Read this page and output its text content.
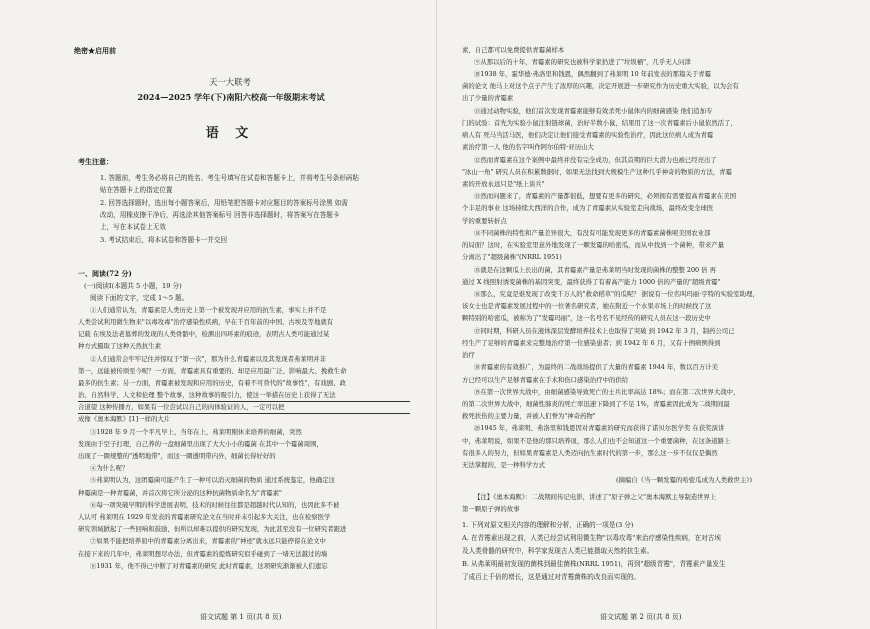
绝密★启用前
天一大联考
2024—2025 学年(下)南阳六校高一年级期末考试
语 文
考生注意：
1. 答题前，考生务必将自己的姓名、考生号填写在试卷和答题卡上，并将考生号条形码粘
贴在答题卡上的指定位置
2. 回答选择题时，选出每小题答案后，用铅笔把答题卡对应题目的答案标号涂黑 如需
改动，用橡皮擦干净后，再选涂其他答案标号 回答非选择题时，将答案写在答题卡
上，写在本试卷上无效
3. 考试结束后，将本试卷和答题卡一并交回
一、阅读(72 分)
(一)阅读Ⅰ(本题共 5 小题，19 分)
阅读下面的文字，完成 1～5 题。
①人们通常认为，青霉素是人类历史上第一个被发现并应用的抗生素，事实上并不是
人类尝试利用微生物来"以毒攻毒"治疗感染性疾病，早在千百年前的中国、古埃及等地就有
记载 在埃及法老墓葬的发现的人类骨骼中，检测出四环素的痕迹，表明古人类可能通过某
种方式摄取了这种天然抗生素
②人们通常会牢牢记住并惊叹于"第一次"，那为什么青霉素以及其发现者弗莱明并非
第一，远能被传颂至今呢？一方面，青霉素具有重要的、却是应用最广泛、影响最大、挽救生命
最多的抗生素；另一方面，青霉素被发现和应用的历史，有着不可替代的"故事性"，有戏剧、政
治、自然科学、人文和伦理 整个故事，这种故事的吸引力，使这一举措在历史上获得了无法
合道望 这种传播方，如果有一位尝试以自己的肉体验证的人，一定可以把
成像《奥本海默》[1]一样的大片
③1928 年 9 月一个平凡早上，当年在上，弗莱明刚休来培养的细菌，突然
发现由于空子打理，自己养的一盘细菌里出现了大大小小的霉菌 在其中一个霉菌周围，
出现了一圈规整的"透明地带"，而这一圈透明带内外，细菌长得好好的
④为什么呢？
⑤弗莱明认为，这团霉菌可能产生了一种可以消灭细菌的物质 通过系统鉴定，他确定这
种霉菌是一种青霉菌，并首次将它所分泌的这种抗菌物质命名为"青霉素"
⑥每一项突破早期的科学进展表明，技术的时候往往都是超越时代认知的，也因此多不被
人认可 弗莱明在 1929 年发表的青霉素研究论文在当时并未引起多大关注，也在检察医学
研究领域掀起了一些回响和鼓励，但所以却难以提供的研究发现，为此甚至没有一位研究者跟进
⑦如果不能把培养皿中的青霉素分离出来，青霉素的"神迹"就永远只能停留在论文中
在接下来的几年中，弗莱明想尽办法，但青霉素的提炼研究似乎碰到了一堵无法越过的墙
⑧1931 年，他不得已中断了对青霉素的研究 此时青霉素，这项研究渐渐被人们遗忘
语文试题 第 1 页(共 8 页)
素，自己都可以免费提供青霉菌样本
⑨从那以后的十年，青霉素的研究也被科学家扔进了"垃圾桶"，几乎无人问津
⑩1938 年，霍华德·弗洛里和钱恩，偶然翻到了弗莱明 10 年前发表的那篇关于青霉
菌的论文 他马上对这个点子产生了浓厚的兴趣，决定开展进一步研究作为历史重大实验，以为会有
出了少量的青霉素
⑪通过动物实验，他们首次发现青霉素能够有效杀死小鼠体内的细菌感染 他们追加专
门的试验：首先为实验小鼠注射链球菌，治好半数小鼠，结果用了这一次青霉素后小鼠依然活了，
病人有 死马当活马医，他们决定让他们接受青霉素的实验性治疗，因此这位病人成为青霉
素治疗第一人 他的名字叫作阿尔伯特·亚历山大
⑫然而青霉素在这个案例中最终并没有完全成功，但其首期的巨大潜力也被已经亮出了
"冰山一角" 研究人员在积累数据时，如果无法找到大规模生产这种几乎神奇的物质的方法，青霉
素的开放永远只是"纸上谈兵"
⑬然而问题来了，青霉素的产量都很低，想要有更多的研究，必须拥有需要提高青霉素在美国
个丰足的事业 这场持续大西洋的合作，成为了青霉素从实验室走向战场，最终改变全球医
学的重要转折点
⑭不同菌株的特性和产量差异很大，有没有可能发现更多的青霉素菌株呢美国农业部
的局面？这时，在实验室里意外地发现了一颗发霉的哈密瓜，而从中找到一个菌种，带来产量
分离出了"超级菌株"(NRRL 1951)
⑮就是在这颗瓜上长出的菌，其青霉素产量是弗莱明当时发现的菌株的整整 200 倍 再
通过 X 线照射诱变菌株的基因突变，最终获得了有着高产能力 1000 倍的产量的"超级青霉"
⑯那么，究竟是谁发现了改变千万人的"救命稻草"的瓜呢？ 据说有一位名叫玛丽·亨特的实验室助理，
该女士也是青霉素发展过程中的一位著名研究者，她在附近一个水果市场上的时候找了这
颗特别的哈密瓜，被称为了"发霉玛丽"，这一名号名不见经传的研究人员在这一段历史中
⑰同时期，科研人员在液体深层发酵培养技术上也取得了突破 到 1942 年 3 月，制药公司已
经生产了足够的青霉素来完整地治疗第一位感染患者；到 1942 年 6 月，又有十例病例得到
治疗
⑱青霉素的有效推广，为最终的二战战场提供了大量的青霉素 1944 年，数以百万计美
方已经可以生产足够青霉素在手术和伤口感染治疗中的供给
⑲在第一次世界大战中，由细菌感染导致死亡的士兵比率高达 18%；而在第二次世界大战中，
的第二次世界大战中，细菌性肺炎的死亡率迅速下降到了不足 1%，青霉素因此成为二战期间最
救死扶伤的主要力量，并被人们誉为"神奇药物"
⑳1945 年，弗莱明、弗洛里和钱恩因对青霉素的研究而获得了诺贝尔医学奖 在获奖演讲
中，弗莱明说，如果不是他的那只培养皿，那么人们也不会知道这一个重要菌种，在这条道路上
有很多人的努力，但如果青霉素是人类迈向抗生素时代的第一步，那么这一步不仅仅是偶然
无法掌握的，是一种科学方式
(摘编自《当一颗发霉的哈密瓜成为人类救世主》)
【注】《奥本海默》：二战期间传记电影，讲述了"原子弹之父"奥本海默主导制造世界上
第一颗原子弹的故事
1. 下列对原文相关内容的理解和分析，正确的一项是(3 分)
A. 在青霉素出现之前，人类已经尝试利用微生物"以毒攻毒"来治疗感染性疾病，在对古埃
及人类骨骼的研究中，科学家发现古人类已能摄取天然的抗生素。
B. 从弗莱明最初发现的菌株到最佳菌株(NRRL 1951)，再到"超级青霉"，青霉素产量发生
了成百上千倍的增长，这是通过对青霉菌株的改良而实现的。
语文试题 第 2 页(共 8 页)
